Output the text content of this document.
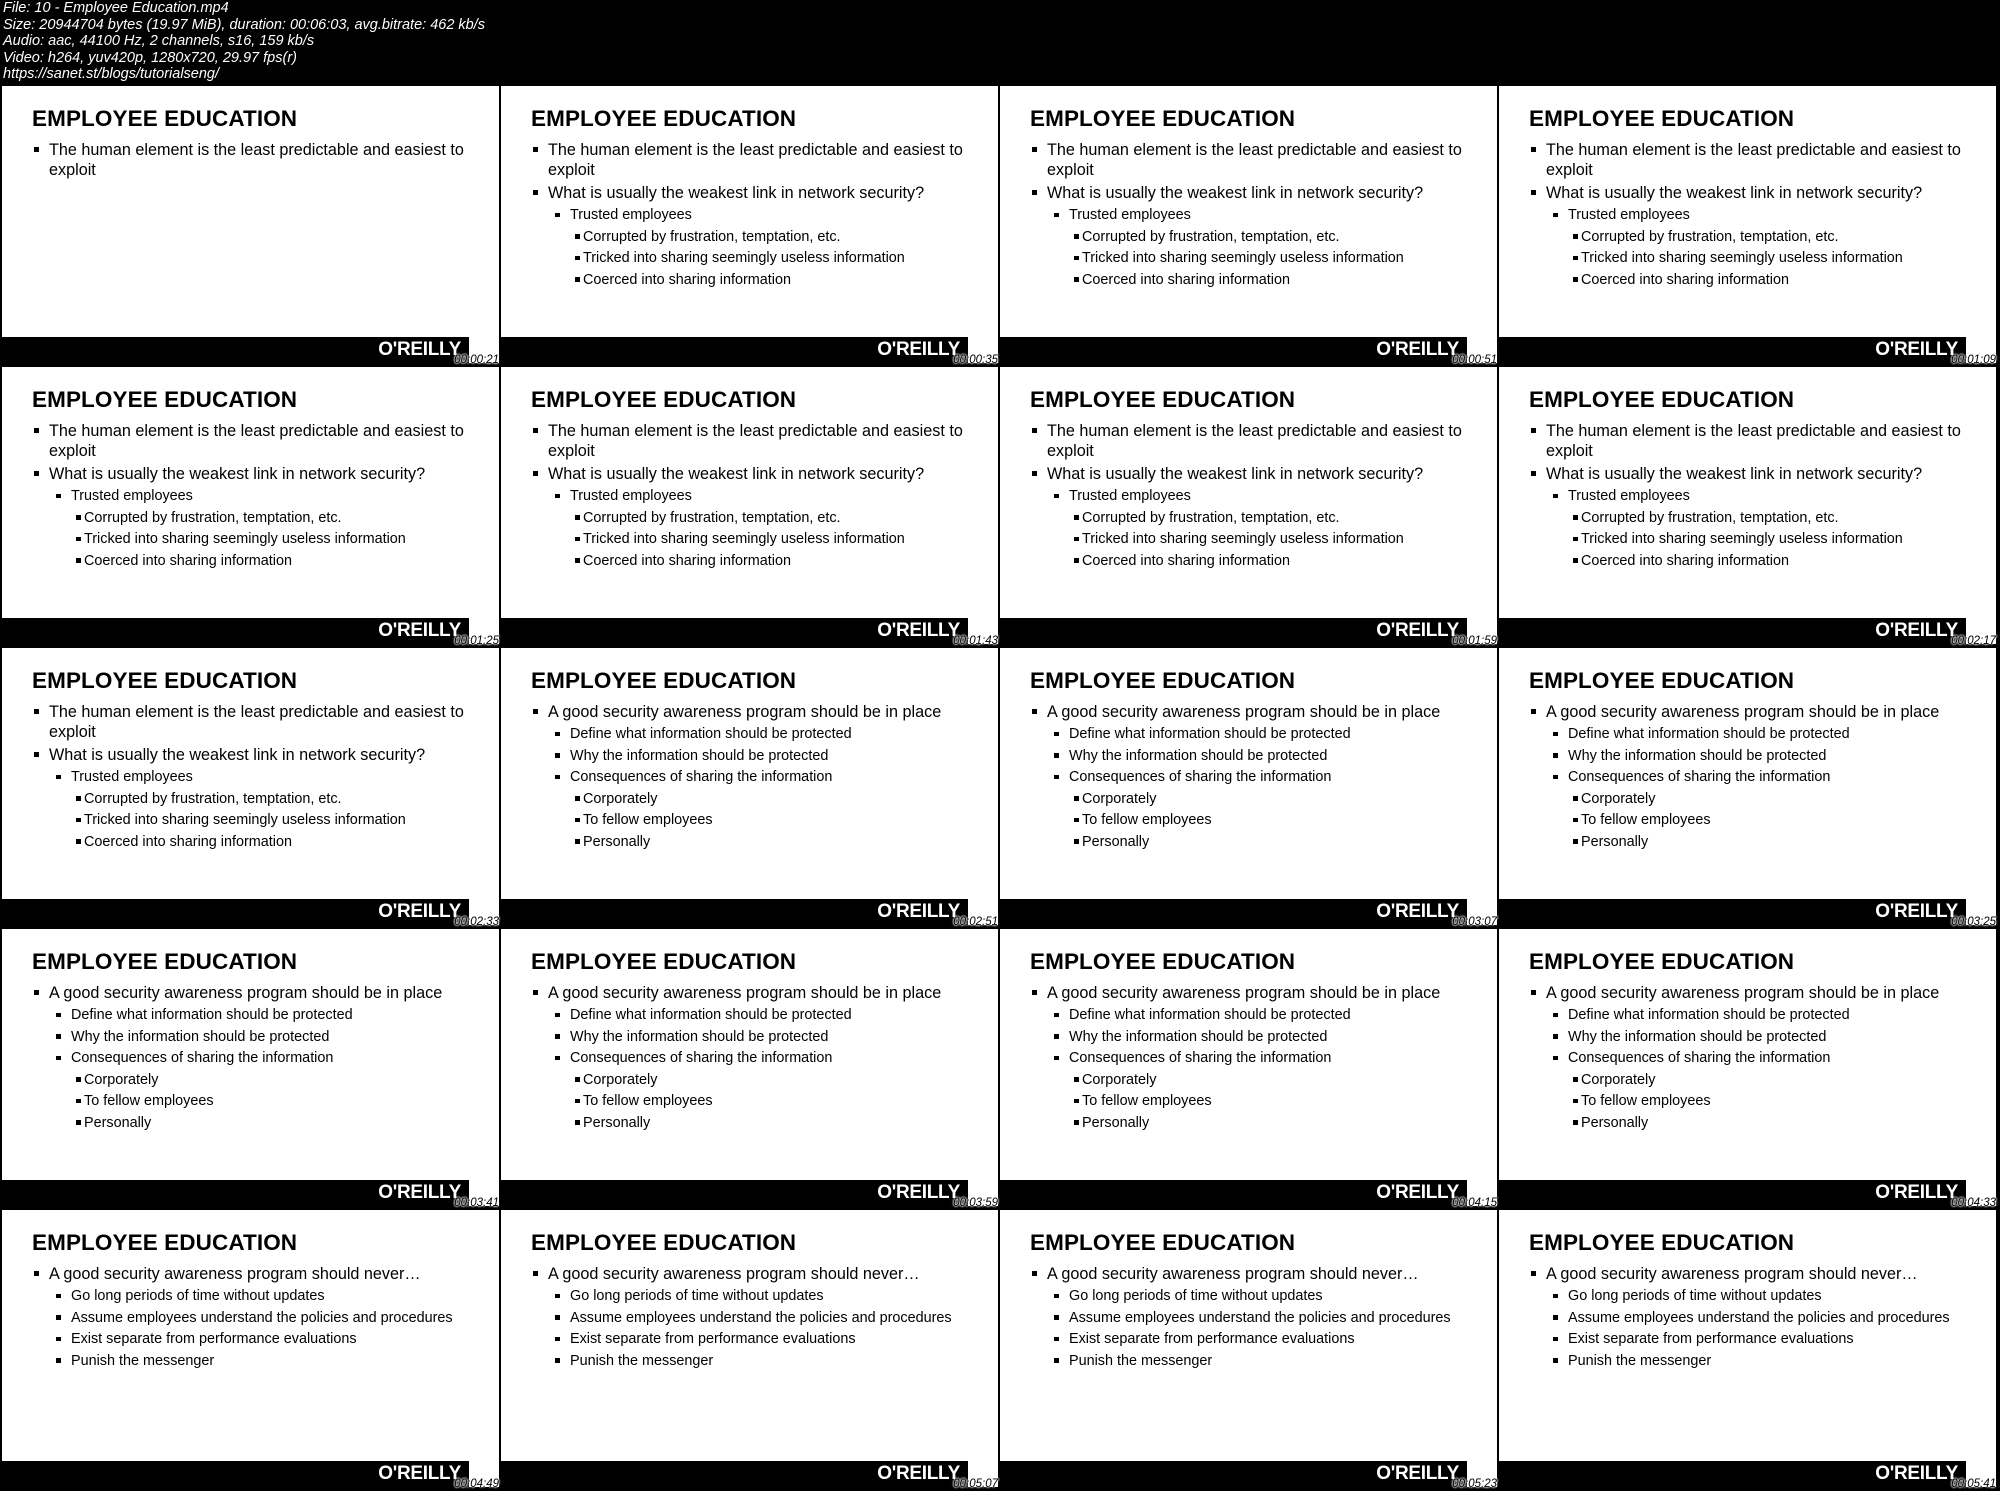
File: 10 - Employee Education.mp4
Size: 20944704 bytes (19.97 MiB), duration: 00:06:03, avg.bitrate: 462 kb/s
Audio: aac, 44100 Hz, 2 channels, s16, 159 kb/s
Video: h264, yuv420p, 1280x720, 29.97 fps(r)
https://sanet.st/blogs/tutorialseng/
EMPLOYEE EDUCATION
The human element is the least predictable and easiest to exploit
O'REILLY
00:00:21
EMPLOYEE EDUCATION
The human element is the least predictable and easiest to exploit
What is usually the weakest link in network security?
Trusted employees
Corrupted by frustration, temptation, etc.
Tricked into sharing seemingly useless information
Coerced into sharing information
O'REILLY
00:00:35
EMPLOYEE EDUCATION
The human element is the least predictable and easiest to exploit
What is usually the weakest link in network security?
Trusted employees
Corrupted by frustration, temptation, etc.
Tricked into sharing seemingly useless information
Coerced into sharing information
O'REILLY
00:00:51
EMPLOYEE EDUCATION
The human element is the least predictable and easiest to exploit
What is usually the weakest link in network security?
Trusted employees
Corrupted by frustration, temptation, etc.
Tricked into sharing seemingly useless information
Coerced into sharing information
O'REILLY
00:01:09
EMPLOYEE EDUCATION
The human element is the least predictable and easiest to exploit
What is usually the weakest link in network security?
Trusted employees
Corrupted by frustration, temptation, etc.
Tricked into sharing seemingly useless information
Coerced into sharing information
O'REILLY
00:01:25
EMPLOYEE EDUCATION
The human element is the least predictable and easiest to exploit
What is usually the weakest link in network security?
Trusted employees
Corrupted by frustration, temptation, etc.
Tricked into sharing seemingly useless information
Coerced into sharing information
O'REILLY
00:01:43
EMPLOYEE EDUCATION
The human element is the least predictable and easiest to exploit
What is usually the weakest link in network security?
Trusted employees
Corrupted by frustration, temptation, etc.
Tricked into sharing seemingly useless information
Coerced into sharing information
O'REILLY
00:01:59
EMPLOYEE EDUCATION
The human element is the least predictable and easiest to exploit
What is usually the weakest link in network security?
Trusted employees
Corrupted by frustration, temptation, etc.
Tricked into sharing seemingly useless information
Coerced into sharing information
O'REILLY
00:02:17
EMPLOYEE EDUCATION
The human element is the least predictable and easiest to exploit
What is usually the weakest link in network security?
Trusted employees
Corrupted by frustration, temptation, etc.
Tricked into sharing seemingly useless information
Coerced into sharing information
O'REILLY
00:02:33
EMPLOYEE EDUCATION
A good security awareness program should be in place
Define what information should be protected
Why the information should be protected
Consequences of sharing the information
Corporately
To fellow employees
Personally
O'REILLY
00:02:51
EMPLOYEE EDUCATION
A good security awareness program should be in place
Define what information should be protected
Why the information should be protected
Consequences of sharing the information
Corporately
To fellow employees
Personally
O'REILLY
00:03:07
EMPLOYEE EDUCATION
A good security awareness program should be in place
Define what information should be protected
Why the information should be protected
Consequences of sharing the information
Corporately
To fellow employees
Personally
O'REILLY
00:03:25
EMPLOYEE EDUCATION
A good security awareness program should be in place
Define what information should be protected
Why the information should be protected
Consequences of sharing the information
Corporately
To fellow employees
Personally
O'REILLY
00:03:41
EMPLOYEE EDUCATION
A good security awareness program should be in place
Define what information should be protected
Why the information should be protected
Consequences of sharing the information
Corporately
To fellow employees
Personally
O'REILLY
00:03:59
EMPLOYEE EDUCATION
A good security awareness program should be in place
Define what information should be protected
Why the information should be protected
Consequences of sharing the information
Corporately
To fellow employees
Personally
O'REILLY
00:04:15
EMPLOYEE EDUCATION
A good security awareness program should be in place
Define what information should be protected
Why the information should be protected
Consequences of sharing the information
Corporately
To fellow employees
Personally
O'REILLY
00:04:33
EMPLOYEE EDUCATION
A good security awareness program should never…
Go long periods of time without updates
Assume employees understand the policies and procedures
Exist separate from performance evaluations
Punish the messenger
O'REILLY
00:04:49
EMPLOYEE EDUCATION
A good security awareness program should never…
Go long periods of time without updates
Assume employees understand the policies and procedures
Exist separate from performance evaluations
Punish the messenger
O'REILLY
00:05:07
EMPLOYEE EDUCATION
A good security awareness program should never…
Go long periods of time without updates
Assume employees understand the policies and procedures
Exist separate from performance evaluations
Punish the messenger
O'REILLY
00:05:23
EMPLOYEE EDUCATION
A good security awareness program should never…
Go long periods of time without updates
Assume employees understand the policies and procedures
Exist separate from performance evaluations
Punish the messenger
O'REILLY
00:05:41
